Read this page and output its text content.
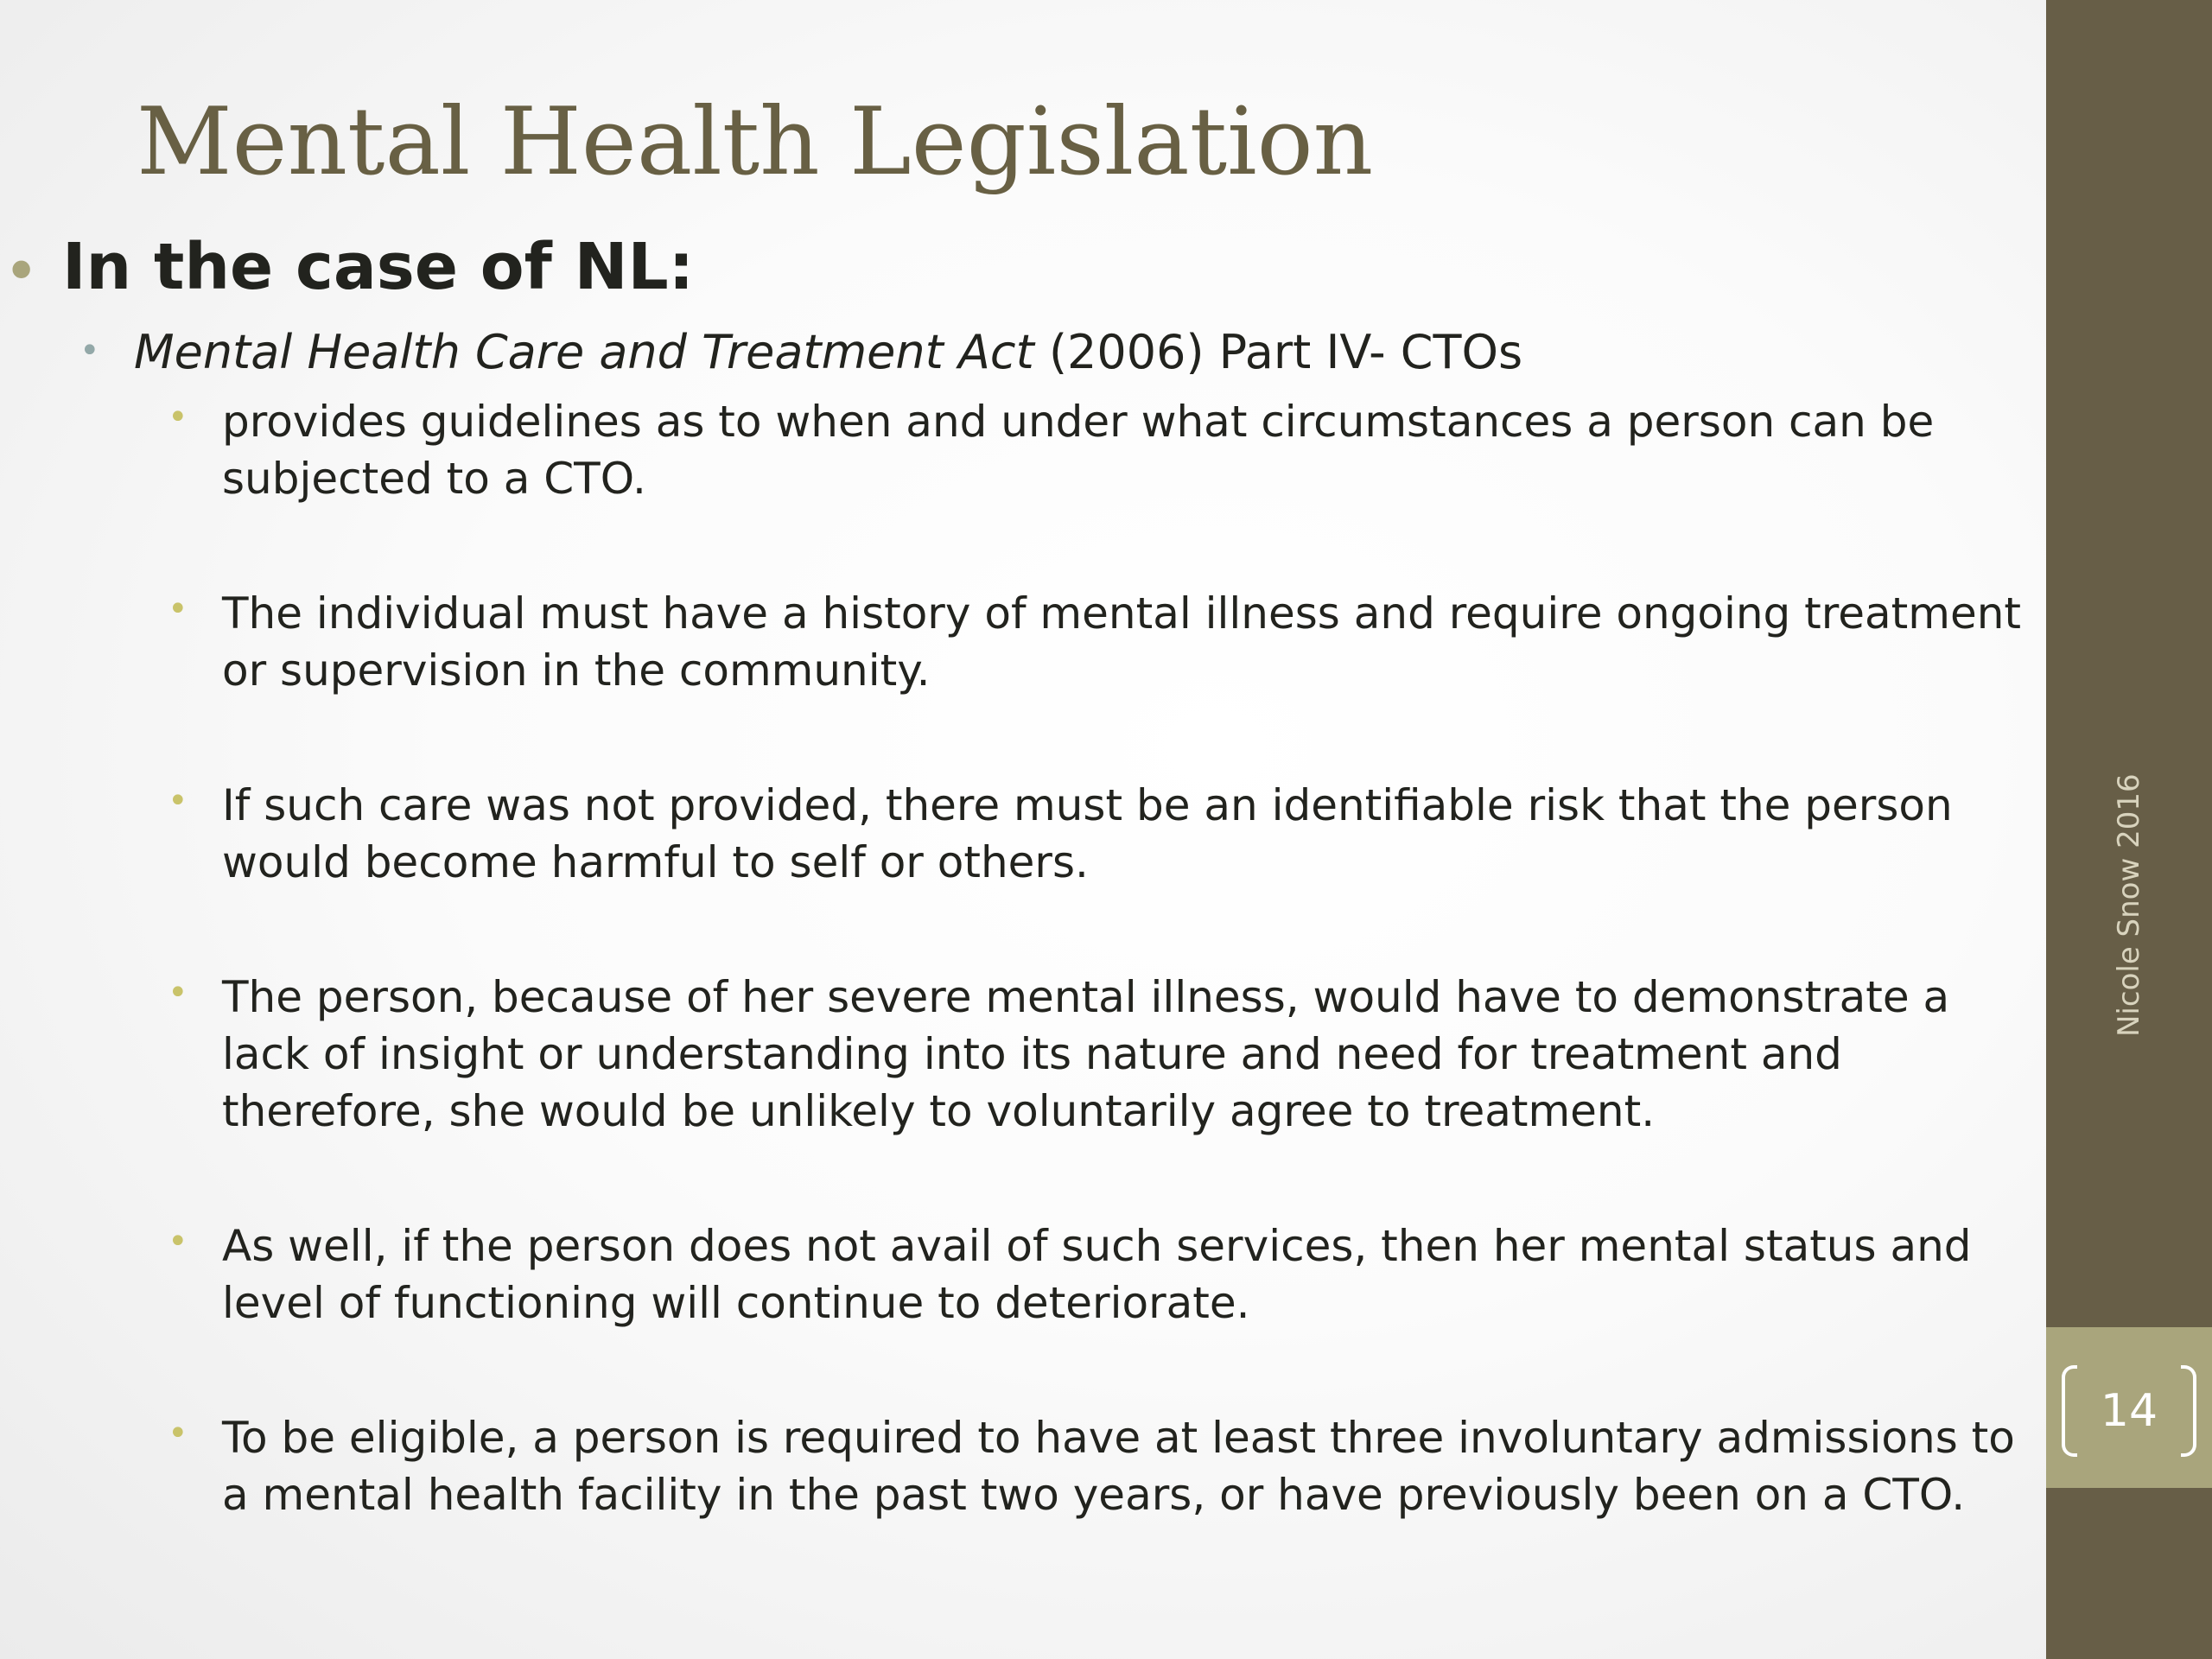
Mental Health Legislation
• In the case of NL:
• Mental Health Care and Treatment Act (2006) Part IV- CTOs
• provides guidelines as to when and under what circumstances a person can be subjected to a CTO.
• The individual must have a history of mental illness and require ongoing treatment or supervision in the community.
• If such care was not provided, there must be an identifiable risk that the person would become harmful to self or others.
• The person, because of her severe mental illness, would have to demonstrate a lack of insight or understanding into its nature and need for treatment and therefore, she would be unlikely to voluntarily agree to treatment.
• As well, if the person does not avail of such services, then her mental status and level of functioning will continue to deteriorate.
• To be eligible, a person is required to have at least three involuntary admissions to a mental health facility in the past two years, or have previously been on a CTO.
Nicole Snow 2016
14
